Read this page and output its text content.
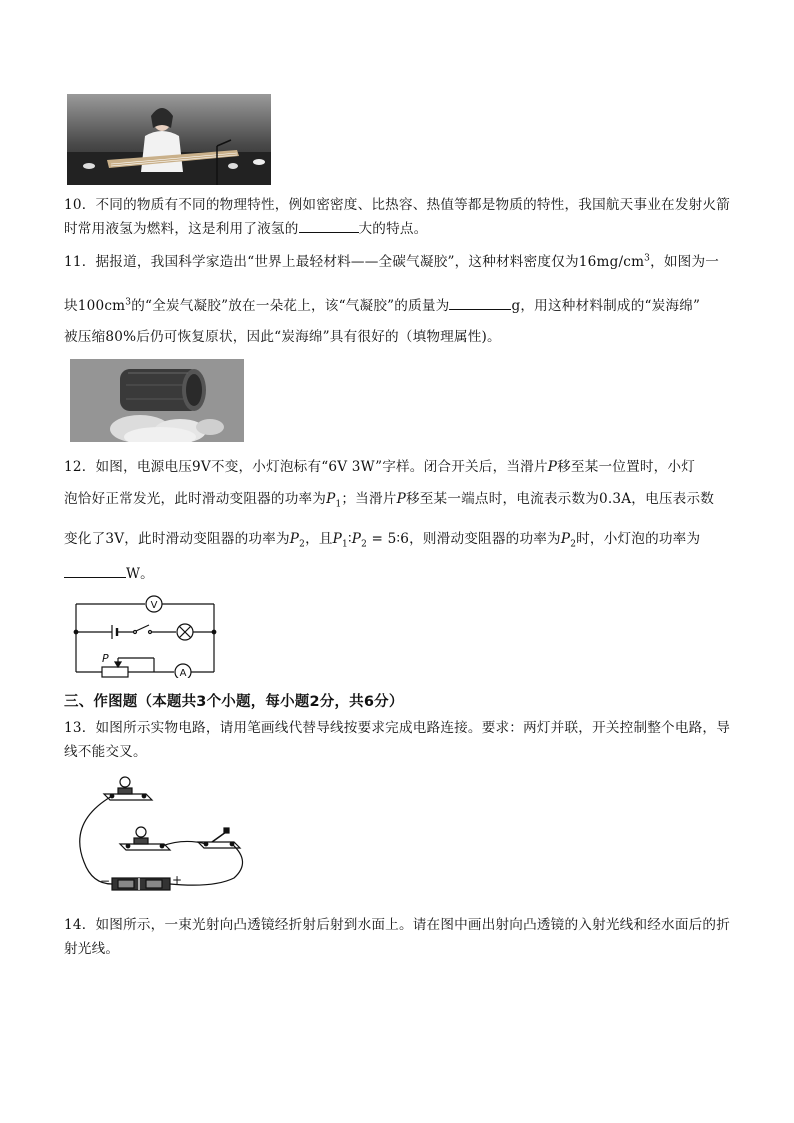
10．不同的物质有不同的物理特性，例如密密度、比热容、热值等都是物质的特性，我国航天事业在发射火箭
时常用液氢为燃料，这是利用了液氢的	大的特点。
11．据报道，我国科学家造出“世界上最轻材料——全碳气凝胶”，这种材料密度仅为$16mg/cm^3$，如图为一
块$100cm^3$的“全炭气凝胶”放在一朵花上，该“气凝胶”的质量为	g，用这种材料制成的“炭海绵”
被压缩80%后仍可恢复原状，因此“炭海绵”具有很好的（填物理属性)。
12．如图，电源电压9V不变，小灯泡标有“6V 3W”字样。闭合开关后，当滑片P移至某一位置时，小灯
泡恰好正常发光，此时滑动变阻器的功率为$P_1$；当滑片P移至某一端点时，电流表示数为0.3A，电压表示数
变化了3V，此时滑动变阻器的功率为$P_2$，且$P_1∶P_2$ = 5∶6，则滑动变阻器的功率为$P_2$时，小灯泡的功率为
W。
V
P
A
三、作图题（本题共3个小题，每小题2分，共6分）
13．如图所示实物电路，请用笔画线代替导线按要求完成电路连接。要求：两灯并联，开关控制整个电路，导
线不能交叉。
−	+
14．如图所示，一束光射向凸透镜经折射后射到水面上。请在图中画出射向凸透镜的入射光线和经水面后的折
射光线。
